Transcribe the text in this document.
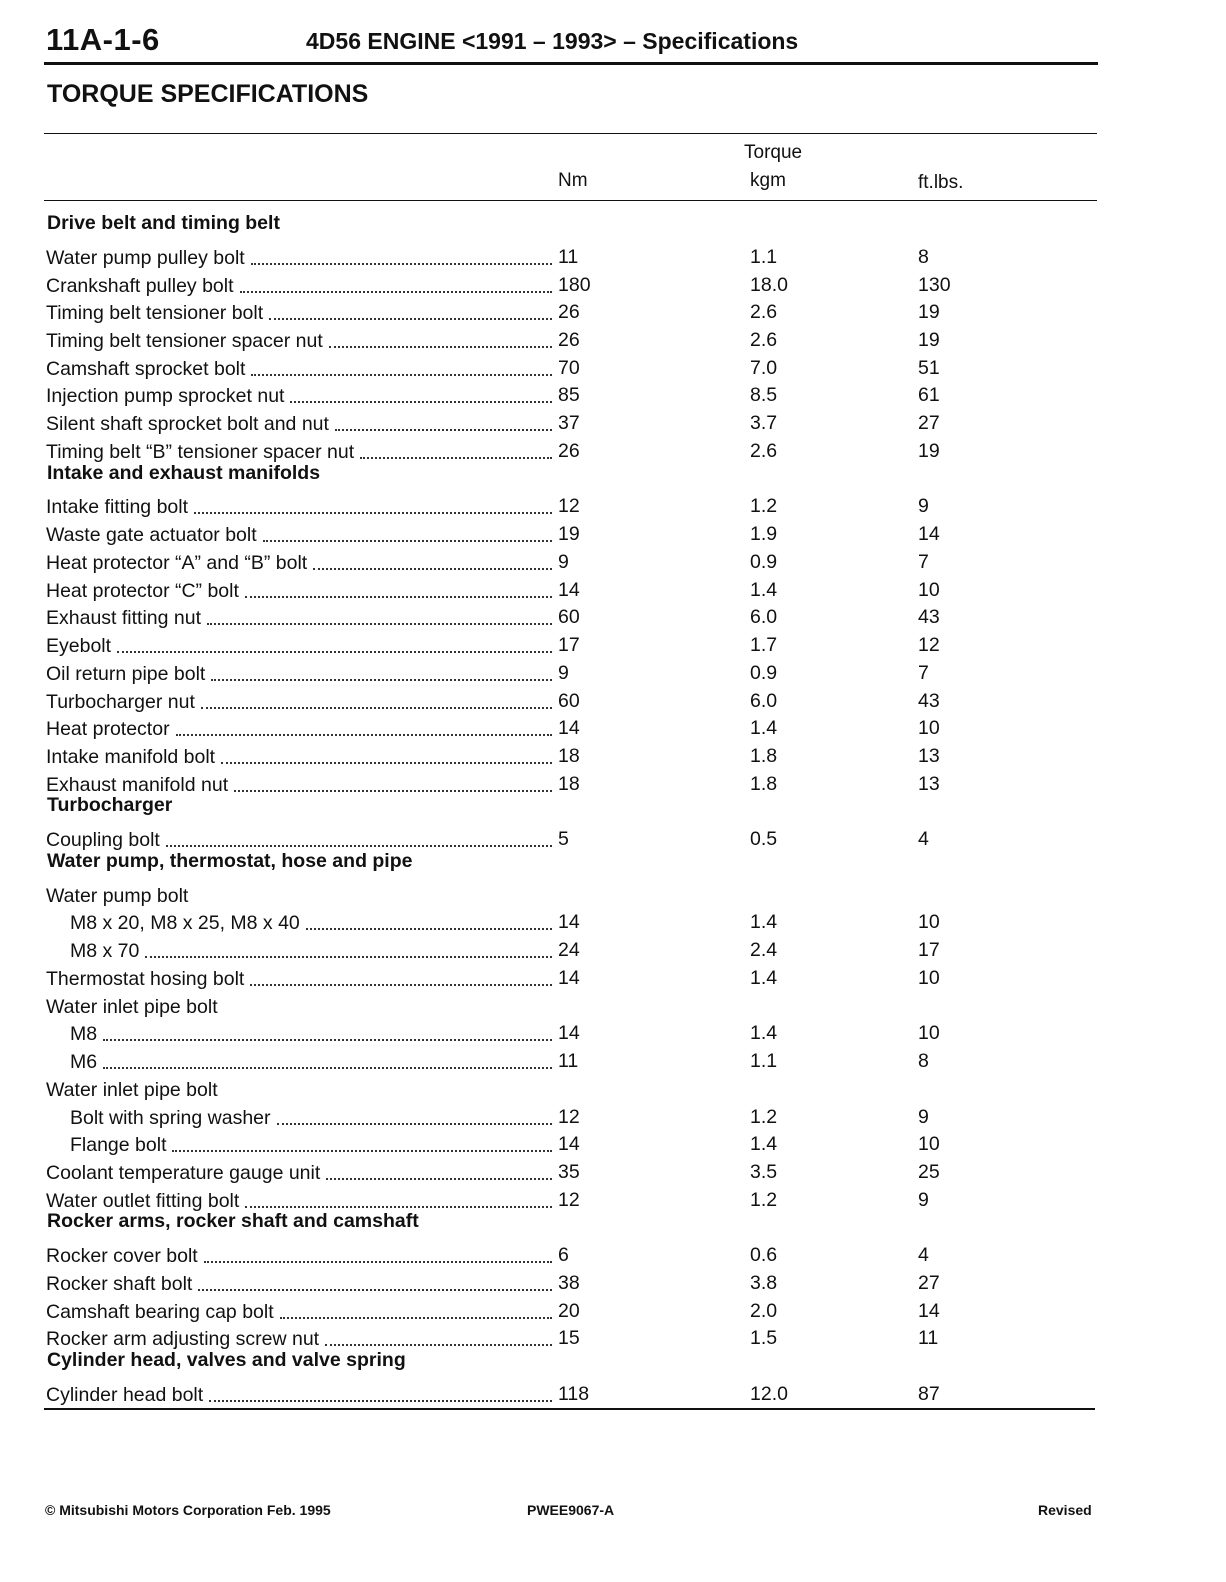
11A-1-6	4D56 ENGINE <1991 – 1993> – Specifications
TORQUE SPECIFICATIONS
Torque
Nm	kgm	ft.lbs.
Drive belt and timing belt
Water pump pulley bolt	11	1.1	8
Crankshaft pulley bolt	180	18.0	130
Timing belt tensioner bolt	26	2.6	19
Timing belt tensioner spacer nut	26	2.6	19
Camshaft sprocket bolt	70	7.0	51
Injection pump sprocket nut	85	8.5	61
Silent shaft sprocket bolt and nut	37	3.7	27
Timing belt “B” tensioner spacer nut	26	2.6	19
Intake and exhaust manifolds
Intake fitting bolt	12	1.2	9
Waste gate actuator bolt	19	1.9	14
Heat protector “A” and “B” bolt	9	0.9	7
Heat protector “C” bolt	14	1.4	10
Exhaust fitting nut	60	6.0	43
Eyebolt	17	1.7	12
Oil return pipe bolt	9	0.9	7
Turbocharger nut	60	6.0	43
Heat protector	14	1.4	10
Intake manifold bolt	18	1.8	13
Exhaust manifold nut	18	1.8	13
Turbocharger
Coupling bolt	5	0.5	4
Water pump, thermostat, hose and pipe
Water pump bolt
M8 x 20, M8 x 25, M8 x 40	14	1.4	10
M8 x 70	24	2.4	17
Thermostat hosing bolt	14	1.4	10
Water inlet pipe bolt
M8	14	1.4	10
M6	11	1.1	8
Water inlet pipe bolt
Bolt with spring washer	12	1.2	9
Flange bolt	14	1.4	10
Coolant temperature gauge unit	35	3.5	25
Water outlet fitting bolt	12	1.2	9
Rocker arms, rocker shaft and camshaft
Rocker cover bolt	6	0.6	4
Rocker shaft bolt	38	3.8	27
Camshaft bearing cap bolt	20	2.0	14
Rocker arm adjusting screw nut	15	1.5	11
Cylinder head, valves and valve spring
Cylinder head bolt	118	12.0	87
© Mitsubishi Motors Corporation Feb. 1995	PWEE9067-A	Revised
